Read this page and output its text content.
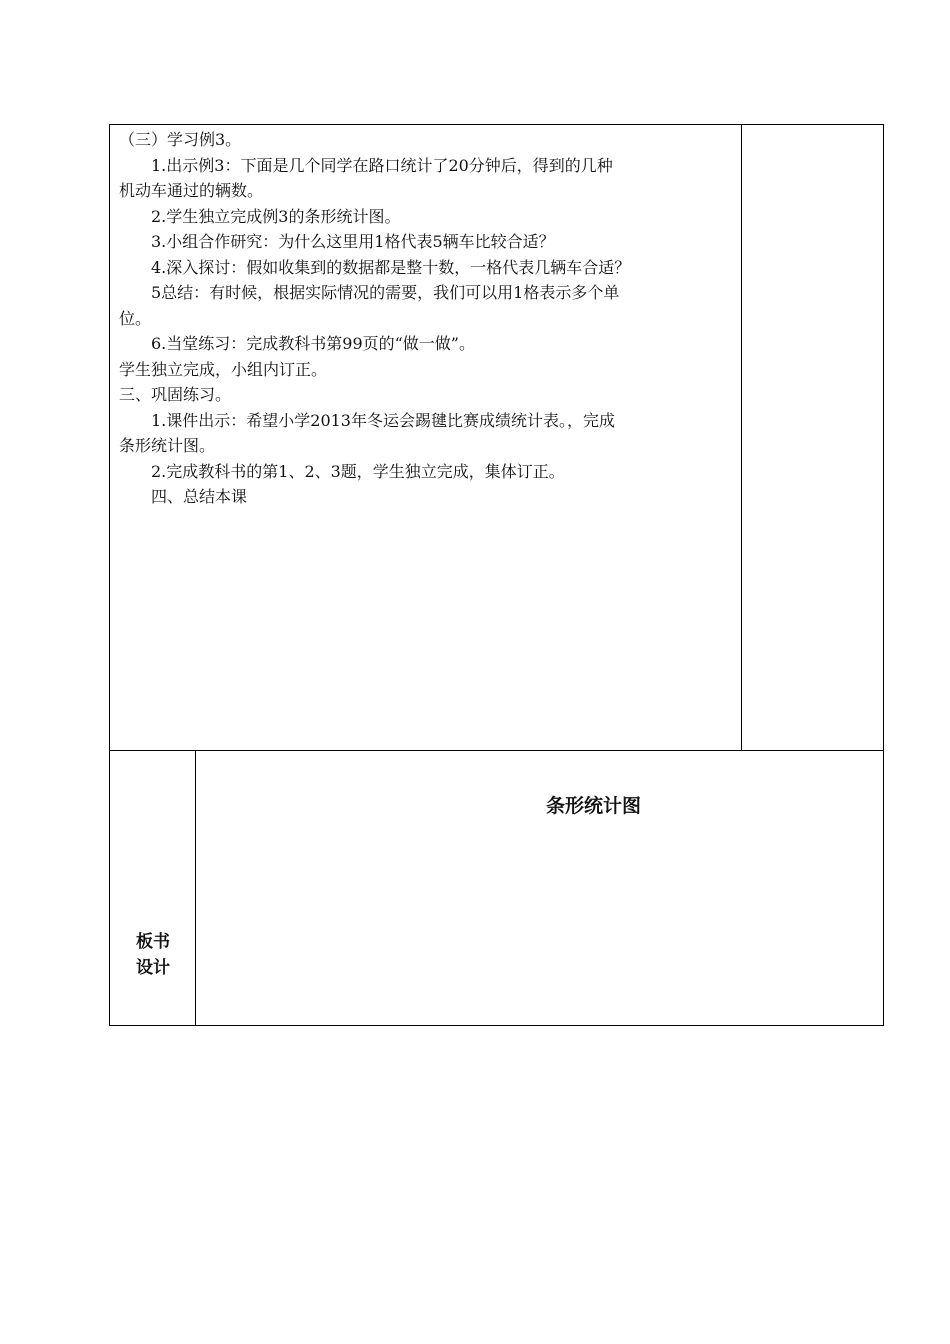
（三）学习例3。

　　1.出示例3：下面是几个同学在路口统计了20分钟后，得到的几种

机动车通过的辆数。

　　2.学生独立完成例3的条形统计图。

　　3.小组合作研究：为什么这里用1格代表5辆车比较合适？

　　4.深入探讨：假如收集到的数据都是整十数，一格代表几辆车合适？

　　5总结：有时候，根据实际情况的需要，我们可以用1格表示多个单

位。

　　6.当堂练习：完成教科书第99页的“做一做”。

学生独立完成，小组内订正。

三、巩固练习。

　　1.课件出示：希望小学2013年冬运会踢毽比赛成绩统计表。，完成

条形统计图。

　　2.完成教科书的第1、2、3题，学生独立完成，集体订正。

　　四、总结本课

板书
设计
条形统计图
